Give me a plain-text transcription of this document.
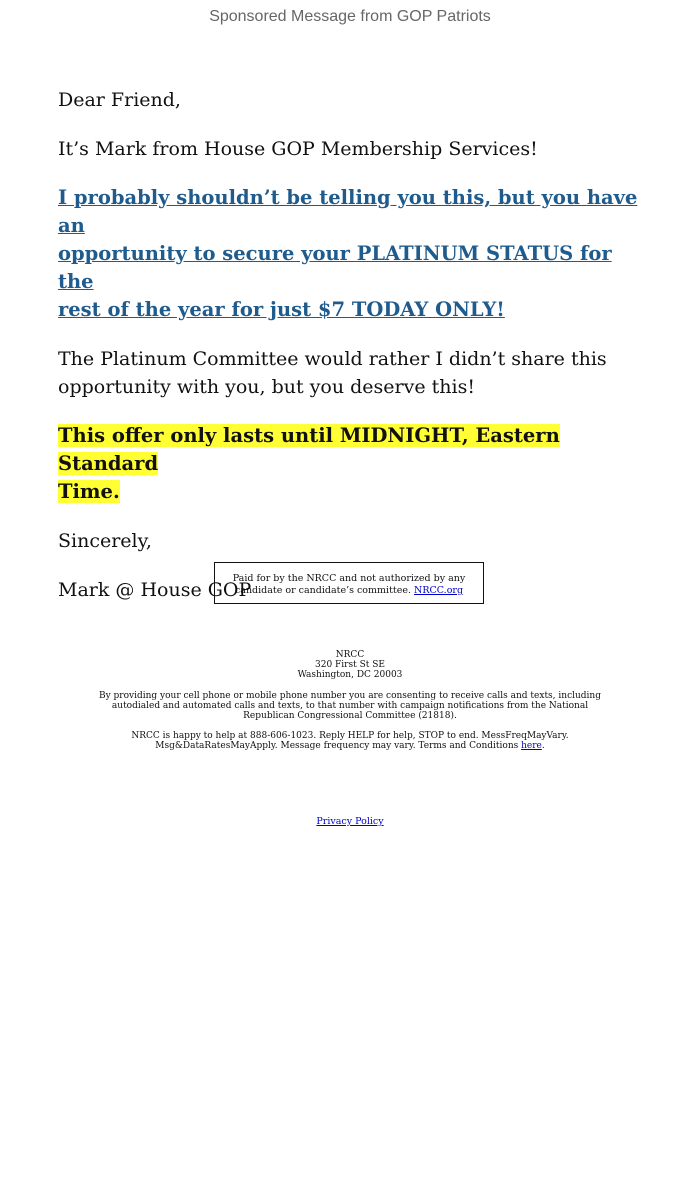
Sponsored Message from GOP Patriots

Dear Friend,

It’s Mark from House GOP Membership Services!

I probably shouldn’t be telling you this, but you have an
opportunity to secure your PLATINUM STATUS for the
rest of the year for just $7 TODAY ONLY!

The Platinum Committee would rather I didn’t share this
opportunity with you, but you deserve this!

This offer only lasts until MIDNIGHT, Eastern Standard
Time.

Sincerely,

Mark @ House GOP

Paid for by the NRCC and not authorized by any
candidate or candidate’s committee. NRCC.org

NRCC
320 First St SE
Washington, DC 20003

By providing your cell phone or mobile phone number you are consenting to receive calls and texts, including
autodialed and automated calls and texts, to that number with campaign notifications from the National
Republican Congressional Committee (21818).

NRCC is happy to help at 888-606-1023. Reply HELP for help, STOP to end. MessFreqMayVary.
Msg&DataRatesMayApply. Message frequency may vary. Terms and Conditions here.

Privacy Policy
